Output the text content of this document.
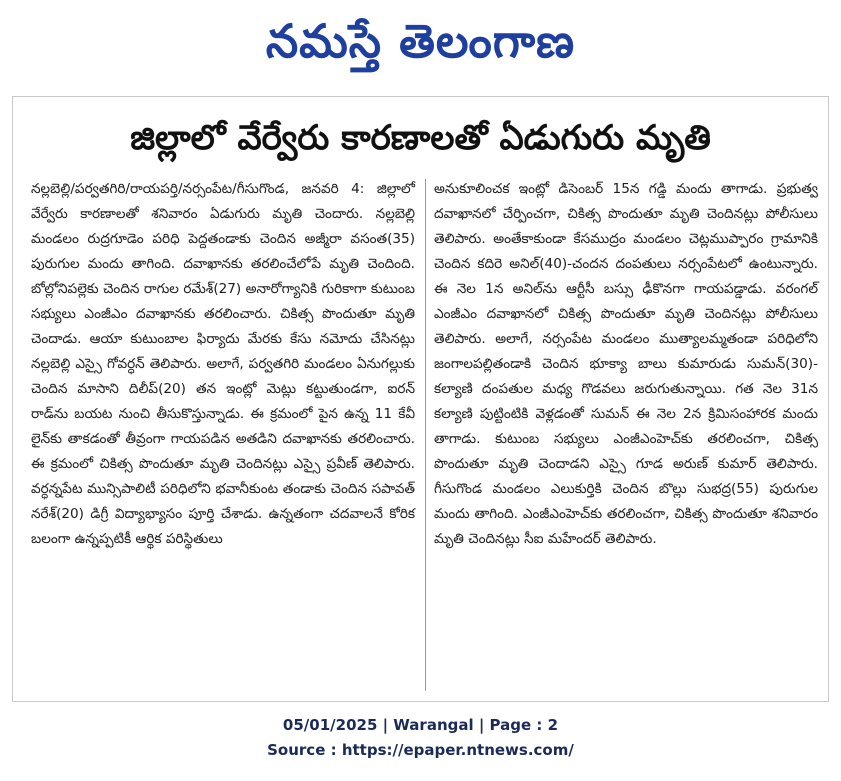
నమస్తే తెలంగాణ
జిల్లాలో వేర్వేరు కారణాలతో ఏడుగురు మృతి
నల్లబెల్లి/పర్వతగిరి/రాయపర్తి/నర్సంపేట/గీసుగొండ, జనవరి 4: జిల్లాలో వేర్వేరు కారణాలతో శనివారం ఏడుగురు మృతి చెందారు. నల్లబెల్లి మండలం రుద్రగూడెం పరిధి పెద్దతండాకు చెందిన అజ్మీరా వసంత(35) పురుగుల మందు తాగింది. దవాఖానకు తరలించేలోపే మృతి చెందింది. బోల్లోనిపల్లెకు చెందిన రాగుల రమేశ్(27) అనారోగ్యానికి గురికాగా కుటుంబ సభ్యులు ఎంజీఎం దవాఖానకు తరలించారు. చికిత్స పొందుతూ మృతి చెందాడు. ఆయా కుటుంబాల ఫిర్యాదు మేరకు కేసు నమోదు చేసినట్లు నల్లబెల్లి ఎస్సై గోవర్ధన్ తెలిపారు. అలాగే, పర్వతగిరి మండలం ఏనుగల్లుకు చెందిన మాసాని దిలీప్(20) తన ఇంట్లో మెట్లు కట్టుతుండగా, ఐరన్ రాడ్‌ను బయట నుంచి తీసుకొస్తున్నాడు. ఈ క్రమంలో పైన ఉన్న 11 కేవీ లైన్‌కు తాకడంతో తీవ్రంగా గాయపడిన అతడిని దవాఖానకు తరలించారు. ఈ క్రమంలో చికిత్స పొందుతూ మృతి చెందినట్లు ఎస్సై ప్రవీణ్ తెలిపారు. వర్ధన్నపేట మున్సిపాలిటీ పరిధిలోని భవానీకుంట తండాకు చెందిన సపావత్ నరేశ్(20) డిగ్రీ విద్యాభ్యాసం పూర్తి చేశాడు. ఉన్నతంగా చదవాలనే కోరిక బలంగా ఉన్నప్పటికీ ఆర్థిక పరిస్థితులు
అనుకూలించక ఇంట్లో డిసెంబర్ 15న గడ్డి మందు తాగాడు. ప్రభుత్వ దవాఖానలో చేర్పించగా, చికిత్స పొందుతూ మృతి చెందినట్లు పోలీసులు తెలిపారు. అంతేకాకుండా కేసముద్రం మండలం చెట్లముప్పారం గ్రామానికి చెందిన కదిరె అనిల్(40)-చందన దంపతులు నర్సంపేటలో ఉంటున్నారు. ఈ నెల 1న అనిల్‌ను ఆర్టీసీ బస్సు ఢీకొనగా గాయపడ్డాడు. వరంగల్ ఎంజీఎం దవాఖానలో చికిత్స పొందుతూ మృతి చెందినట్లు పోలీసులు తెలిపారు. అలాగే, నర్సంపేట మండలం ముత్యాలమ్మతండా పరిధిలోని జంగాలపల్లితండాకి చెందిన భూక్యా బాలు కుమారుడు సుమన్(30)-కల్యాణి దంపతుల మధ్య గొడవలు జరుగుతున్నాయి. గత నెల 31న కల్యాణి పుట్టింటికి వెళ్లడంతో సుమన్ ఈ నెల 2న క్రిమిసంహారక మందు తాగాడు. కుటుంబ సభ్యులు ఎంజీఎంహెచ్‌కు తరలించగా, చికిత్స పొందుతూ మృతి చెందాడని ఎస్సై గూడ అరుణ్ కుమార్ తెలిపారు. గీసుగొండ మండలం ఎలుకుర్తికి చెందిన బొల్లు సుభద్ర(55) పురుగుల మందు తాగింది. ఎంజీఎంహెచ్‌కు తరలించగా, చికిత్స పొందుతూ శనివారం మృతి చెందినట్లు సీఐ మహేందర్ తెలిపారు.
05/01/2025 | Warangal | Page : 2
Source : https://epaper.ntnews.com/
